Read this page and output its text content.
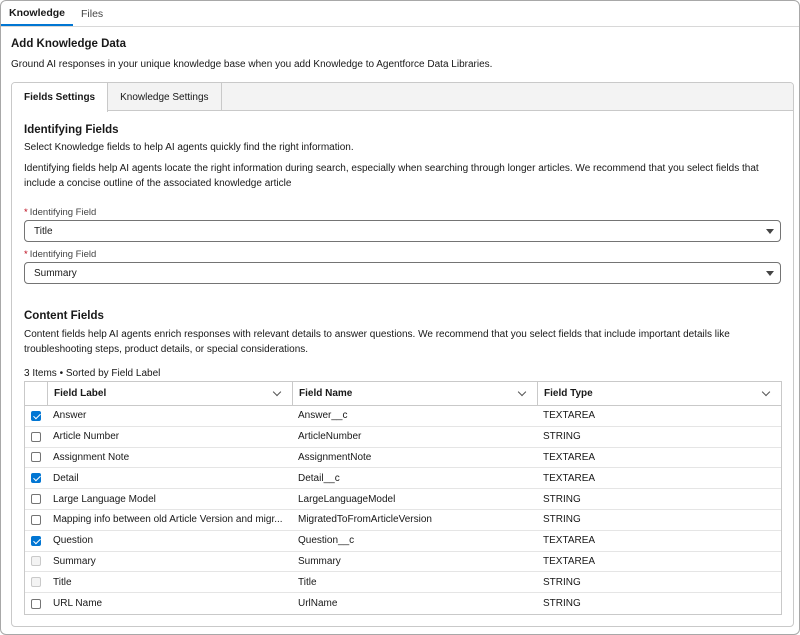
Knowledge	Files
Add Knowledge Data
Ground AI responses in your unique knowledge base when you add Knowledge to Agentforce Data Libraries.
Fields Settings	Knowledge Settings
Identifying Fields
Select Knowledge fields to help AI agents quickly find the right information.
Identifying fields help AI agents locate the right information during search, especially when searching through longer articles. We recommend that you select fields that
include a concise outline of the associated knowledge article
* Identifying Field
Title
* Identifying Field
Summary
Content Fields
Content fields help AI agents enrich responses with relevant details to answer questions. We recommend that you select fields that include important details like
troubleshooting steps, product details, or special considerations.
3 Items • Sorted by Field Label
Field Label	Field Name	Field Type
Answer	Answer__c	TEXTAREA
Article Number	ArticleNumber	STRING
Assignment Note	AssignmentNote	TEXTAREA
Detail	Detail__c	TEXTAREA
Large Language Model	LargeLanguageModel	STRING
Mapping info between old Article Version and migr...	MigratedToFromArticleVersion	STRING
Question	Question__c	TEXTAREA
Summary	Summary	TEXTAREA
Title	Title	STRING
URL Name	UrlName	STRING
